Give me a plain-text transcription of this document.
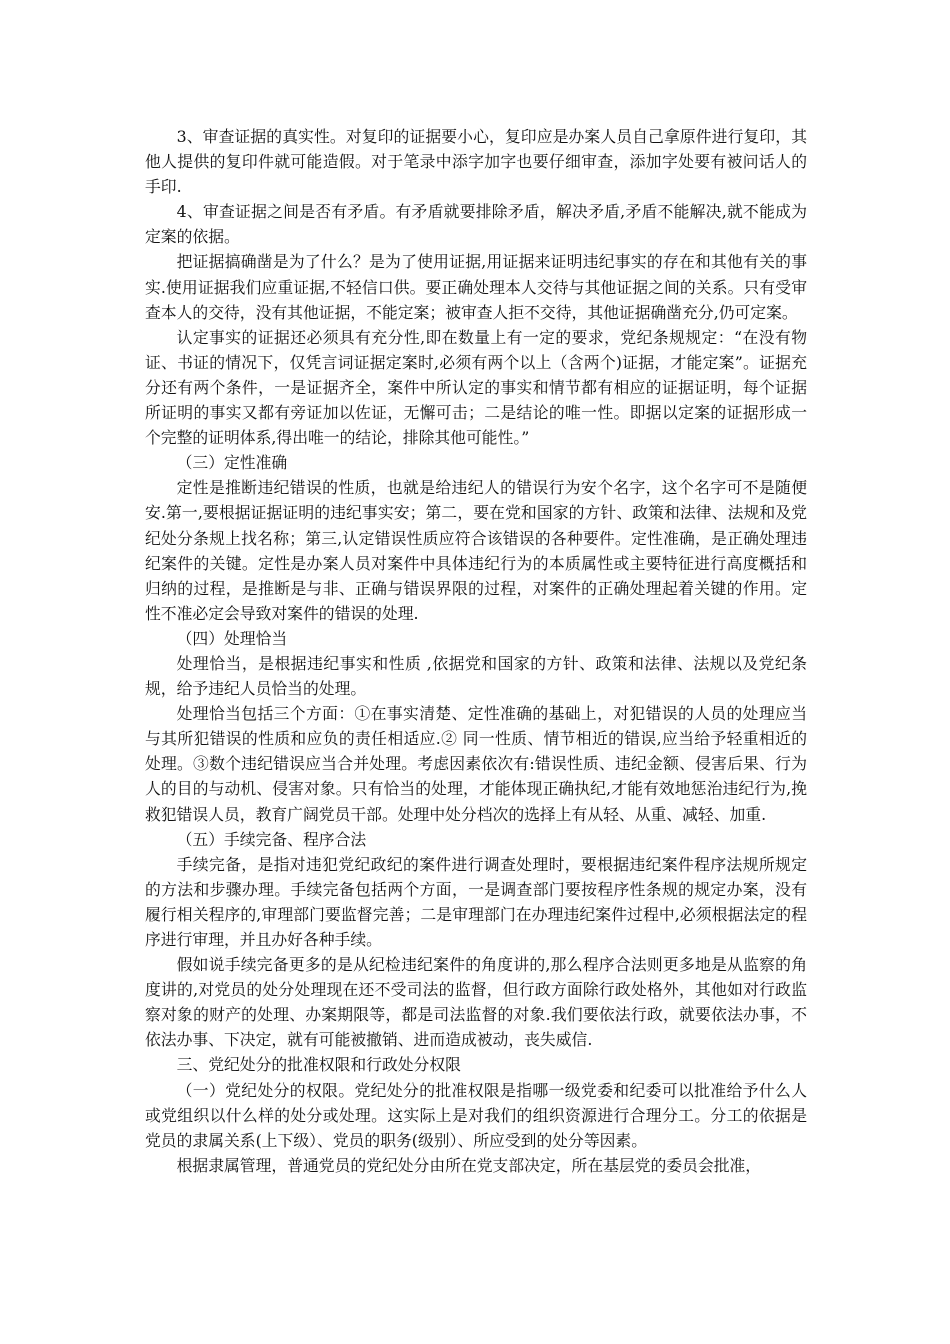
3、审查证据的真实性。对复印的证据要小心，复印应是办案人员自己拿原件进行复印，其他人提供的复印件就可能造假。对于笔录中添字加字也要仔细审查，添加字处要有被问话人的手印.

4、审查证据之间是否有矛盾。有矛盾就要排除矛盾，解决矛盾,矛盾不能解决,就不能成为定案的依据。

把证据搞确凿是为了什么？是为了使用证据,用证据来证明违纪事实的存在和其他有关的事实.使用证据我们应重证据,不轻信口供。要正确处理本人交待与其他证据之间的关系。只有受审查本人的交待，没有其他证据，不能定案；被审查人拒不交待，其他证据确凿充分,仍可定案。

认定事实的证据还必须具有充分性,即在数量上有一定的要求，党纪条规规定：“在没有物证、书证的情况下，仅凭言词证据定案时,必须有两个以上（含两个)证据，才能定案”。证据充分还有两个条件，一是证据齐全，案件中所认定的事实和情节都有相应的证据证明，每个证据所证明的事实又都有旁证加以佐证，无懈可击；二是结论的唯一性。即据以定案的证据形成一个完整的证明体系,得出唯一的结论，排除其他可能性。”

（三）定性准确

定性是推断违纪错误的性质，也就是给违纪人的错误行为安个名字，这个名字可不是随便安.第一,要根据证据证明的违纪事实安；第二，要在党和国家的方针、政策和法律、法规和及党纪处分条规上找名称；第三,认定错误性质应符合该错误的各种要件。定性准确，是正确处理违纪案件的关键。定性是办案人员对案件中具体违纪行为的本质属性或主要特征进行高度概括和归纳的过程，是推断是与非、正确与错误界限的过程，对案件的正确处理起着关键的作用。定性不准必定会导致对案件的错误的处理.

（四）处理恰当

处理恰当，是根据违纪事实和性质 ,依据党和国家的方针、政策和法律、法规以及党纪条规，给予违纪人员恰当的处理。

处理恰当包括三个方面：①在事实清楚、定性准确的基础上，对犯错误的人员的处理应当与其所犯错误的性质和应负的责任相适应.② 同一性质、情节相近的错误,应当给予轻重相近的处理。③数个违纪错误应当合并处理。考虑因素依次有:错误性质、违纪金额、侵害后果、行为人的目的与动机、侵害对象。只有恰当的处理，才能体现正确执纪,才能有效地惩治违纪行为,挽救犯错误人员，教育广阔党员干部。处理中处分档次的选择上有从轻、从重、减轻、加重.

（五）手续完备、程序合法

手续完备，是指对违犯党纪政纪的案件进行调查处理时，要根据违纪案件程序法规所规定的方法和步骤办理。手续完备包括两个方面，一是调查部门要按程序性条规的规定办案，没有履行相关程序的,审理部门要监督完善；二是审理部门在办理违纪案件过程中,必须根据法定的程序进行审理，并且办好各种手续。

假如说手续完备更多的是从纪检违纪案件的角度讲的,那么程序合法则更多地是从监察的角度讲的,对党员的处分处理现在还不受司法的监督，但行政方面除行政处格外，其他如对行政监察对象的财产的处理、办案期限等，都是司法监督的对象.我们要依法行政，就要依法办事，不依法办事、下决定，就有可能被撤销、进而造成被动，丧失威信.

三、党纪处分的批准权限和行政处分权限

（一）党纪处分的权限。党纪处分的批准权限是指哪一级党委和纪委可以批准给予什么人或党组织以什么样的处分或处理。这实际上是对我们的组织资源进行合理分工。分工的依据是党员的隶属关系(上下级）、党员的职务(级别）、所应受到的处分等因素。

根据隶属管理，普通党员的党纪处分由所在党支部决定，所在基层党的委员会批准，
